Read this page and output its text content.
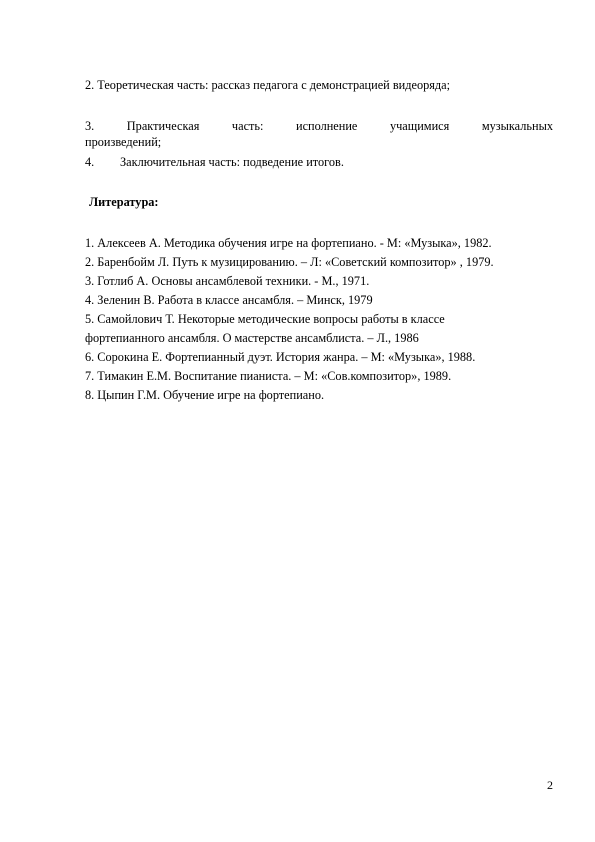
2. Теоретическая часть: рассказ педагога с демонстрацией видеоряда;
3.	Практическая	часть:	исполнение	учащимися	музыкальных
произведений;
4. Заключительная часть: подведение итогов.
Литература:
1. Алексеев А. Методика обучения игре на фортепиано. - М: «Музыка», 1982.
2. Баренбойм Л. Путь к музицированию. – Л: «Советский композитор» , 1979.
3. Готлиб А. Основы ансамблевой техники. - М., 1971.
4. Зеленин В. Работа в классе ансамбля. – Минск, 1979
5. Самойлович Т. Некоторые методические вопросы работы в классе
фортепианного ансамбля. О мастерстве ансамблиста. – Л., 1986
6. Сорокина Е. Фортепианный дуэт. История жанра. – М: «Музыка», 1988.
7. Тимакин Е.М. Воспитание пианиста. – М: «Сов.композитор», 1989.
8. Цыпин Г.М. Обучение игре на фортепиано.
2
